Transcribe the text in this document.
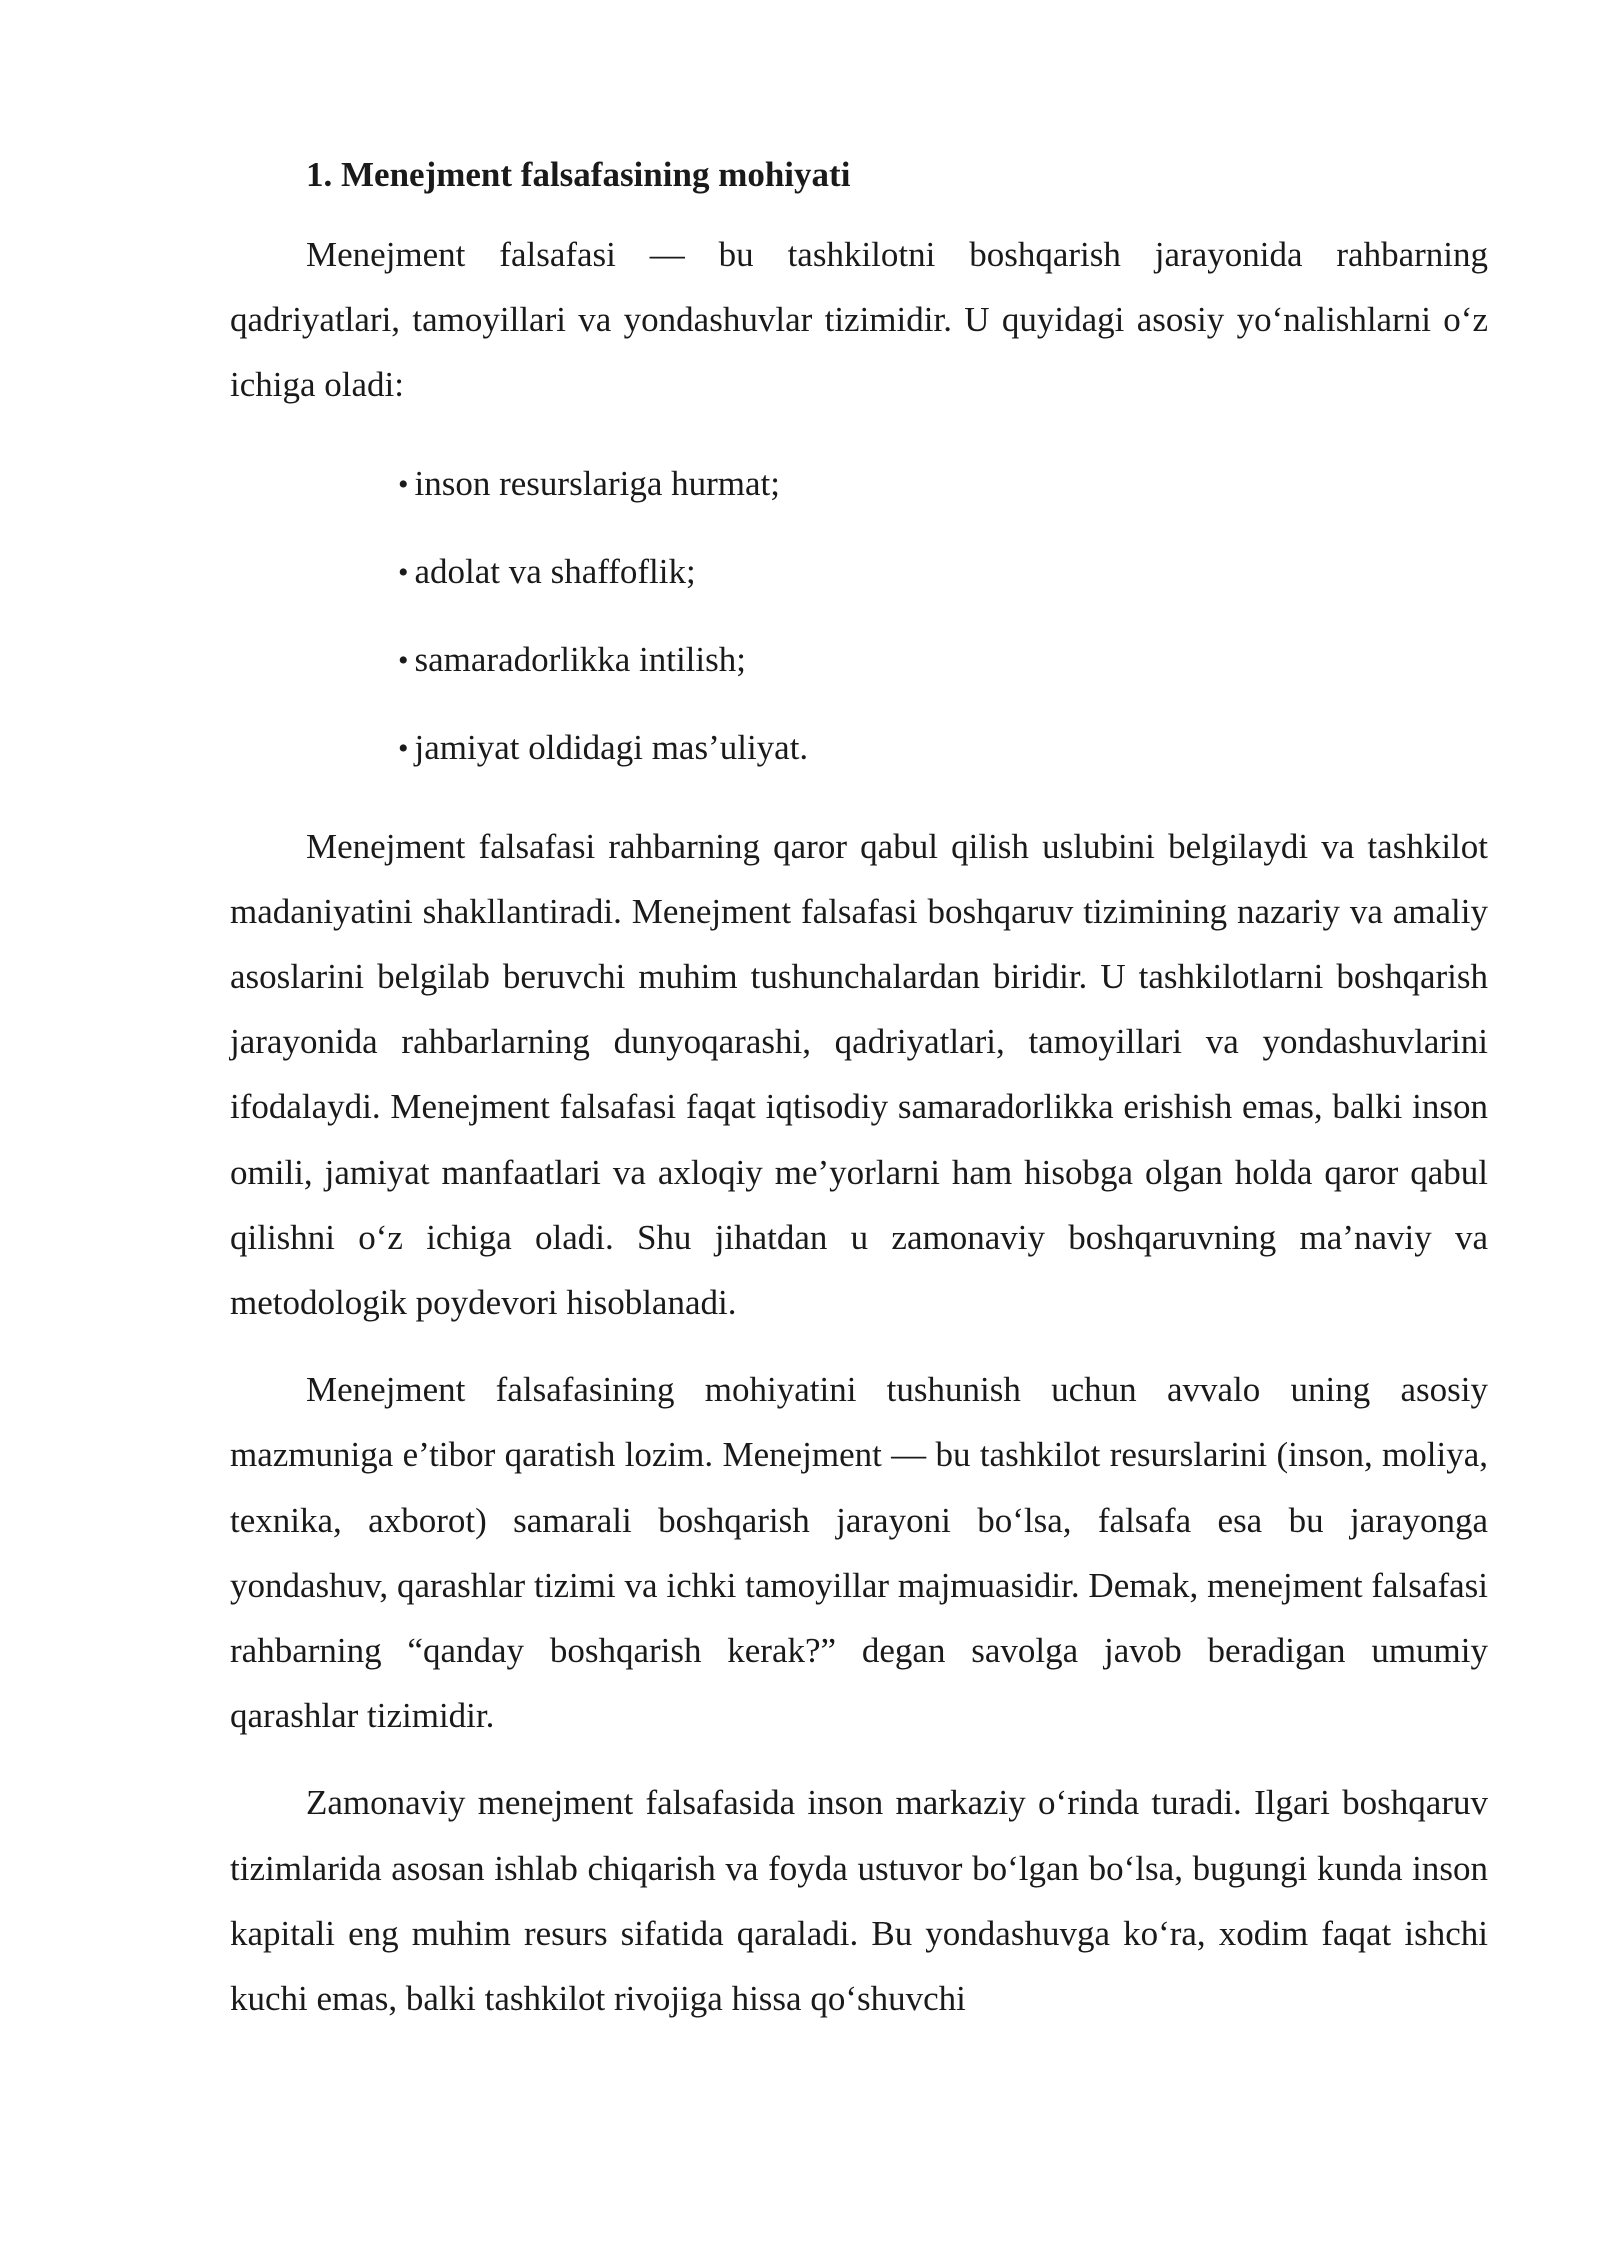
1. Menejment falsafasining mohiyati

Menejment falsafasi — bu tashkilotni boshqarish jarayonida rahbarning qadriyatlari, tamoyillari va yondashuvlar tizimidir. U quyidagi asosiy yo‘nalishlarni o‘z ichiga oladi:

• inson resurslariga hurmat;
• adolat va shaffoflik;
• samaradorlikka intilish;
• jamiyat oldidagi mas’uliyat.

Menejment falsafasi rahbarning qaror qabul qilish uslubini belgilaydi va tashkilot madaniyatini shakllantiradi. Menejment falsafasi boshqaruv tizimining nazariy va amaliy asoslarini belgilab beruvchi muhim tushunchalardan biridir. U tashkilotlarni boshqarish jarayonida rahbarlarning dunyoqarashi, qadriyatlari, tamoyillari va yondashuvlarini ifodalaydi. Menejment falsafasi faqat iqtisodiy samaradorlikka erishish emas, balki inson omili, jamiyat manfaatlari va axloqiy me’yorlarni ham hisobga olgan holda qaror qabul qilishni o‘z ichiga oladi. Shu jihatdan u zamonaviy boshqaruvning ma’naviy va metodologik poydevori hisoblanadi.

Menejment falsafasining mohiyatini tushunish uchun avvalo uning asosiy mazmuniga e’tibor qaratish lozim. Menejment — bu tashkilot resurslarini (inson, moliya, texnika, axborot) samarali boshqarish jarayoni bo‘lsa, falsafa esa bu jarayonga yondashuv, qarashlar tizimi va ichki tamoyillar majmuasidir. Demak, menejment falsafasi rahbarning “qanday boshqarish kerak?” degan savolga javob beradigan umumiy qarashlar tizimidir.

Zamonaviy menejment falsafasida inson markaziy o‘rinda turadi. Ilgari boshqaruv tizimlarida asosan ishlab chiqarish va foyda ustuvor bo‘lgan bo‘lsa, bugungi kunda inson kapitali eng muhim resurs sifatida qaraladi. Bu yondashuvga ko‘ra, xodim faqat ishchi kuchi emas, balki tashkilot rivojiga hissa qo‘shuvchi
